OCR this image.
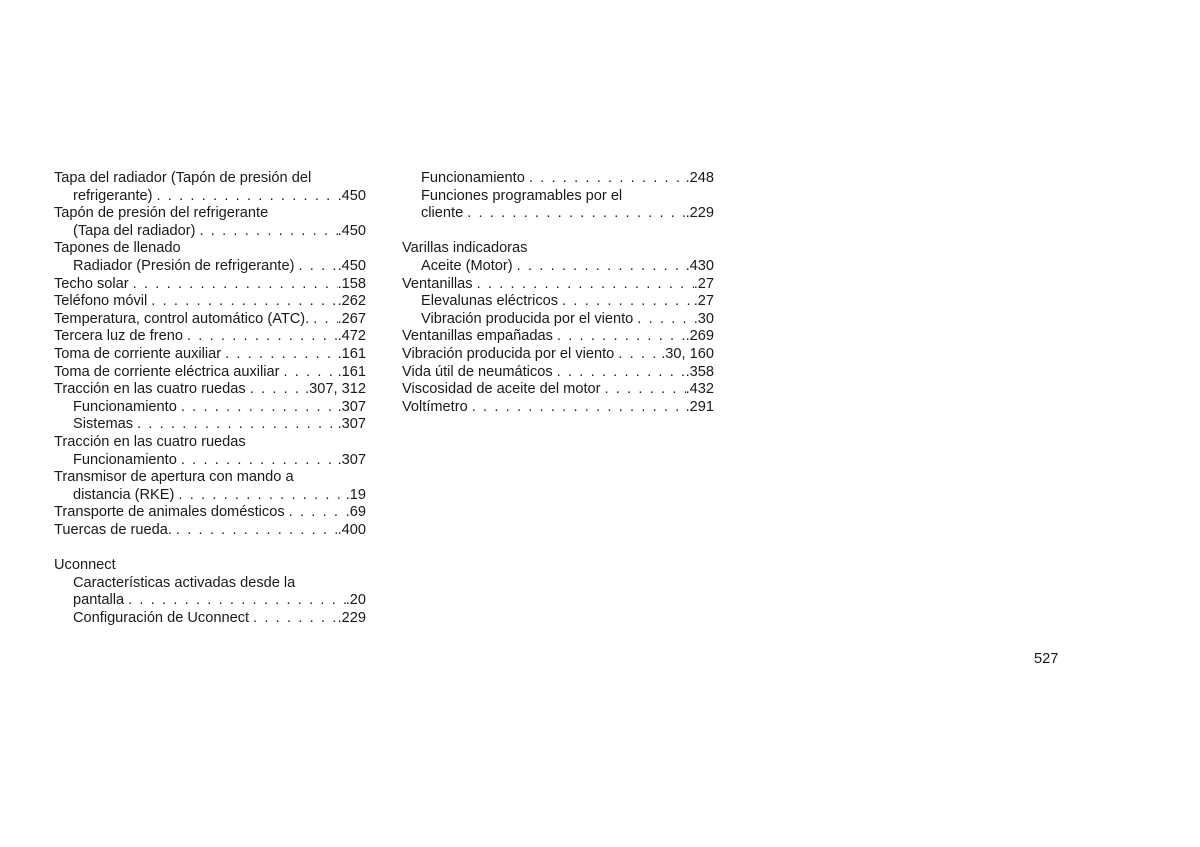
Tapa del radiador (Tapón de presión del
refrigerante) . . .	.450
Tapón de presión del refrigerante
(Tapa del radiador) . . .	.450
Tapones de llenado
Radiador (Presión de refrigerante) . . .	.450
Techo solar . . .	.158
Teléfono móvil . . .	.262
Temperatura, control automático (ATC). . . . .267
Tercera luz de freno . . .	.472
Toma de corriente auxiliar . . .	.161
Toma de corriente eléctrica auxiliar . . .	.161
Tracción en las cuatro ruedas . . .	.307, 312
Funcionamiento . . .	.307
Sistemas . . .	.307
Tracción en las cuatro ruedas
Funcionamiento . . .	.307
Transmisor de apertura con mando a
distancia (RKE) . . .	.19
Transporte de animales domésticos . . .	.69
Tuercas de rueda. . . .	.400
Uconnect
Características activadas desde la
pantalla . . .	.20
Configuración de Uconnect . . .	.229
Funcionamiento . . .	.248
Funciones programables por el
cliente . . .	.229
Varillas indicadoras
Aceite (Motor) . . .	.430
Ventanillas . . .	.27
Elevalunas eléctricos . . .	.27
Vibración producida por el viento . . .	.30
Ventanillas empañadas . . .	.269
Vibración producida por el viento . . .	.30, 160
Vida útil de neumáticos . . .	.358
Viscosidad de aceite del motor . . .	.432
Voltímetro . . .	.291
527
